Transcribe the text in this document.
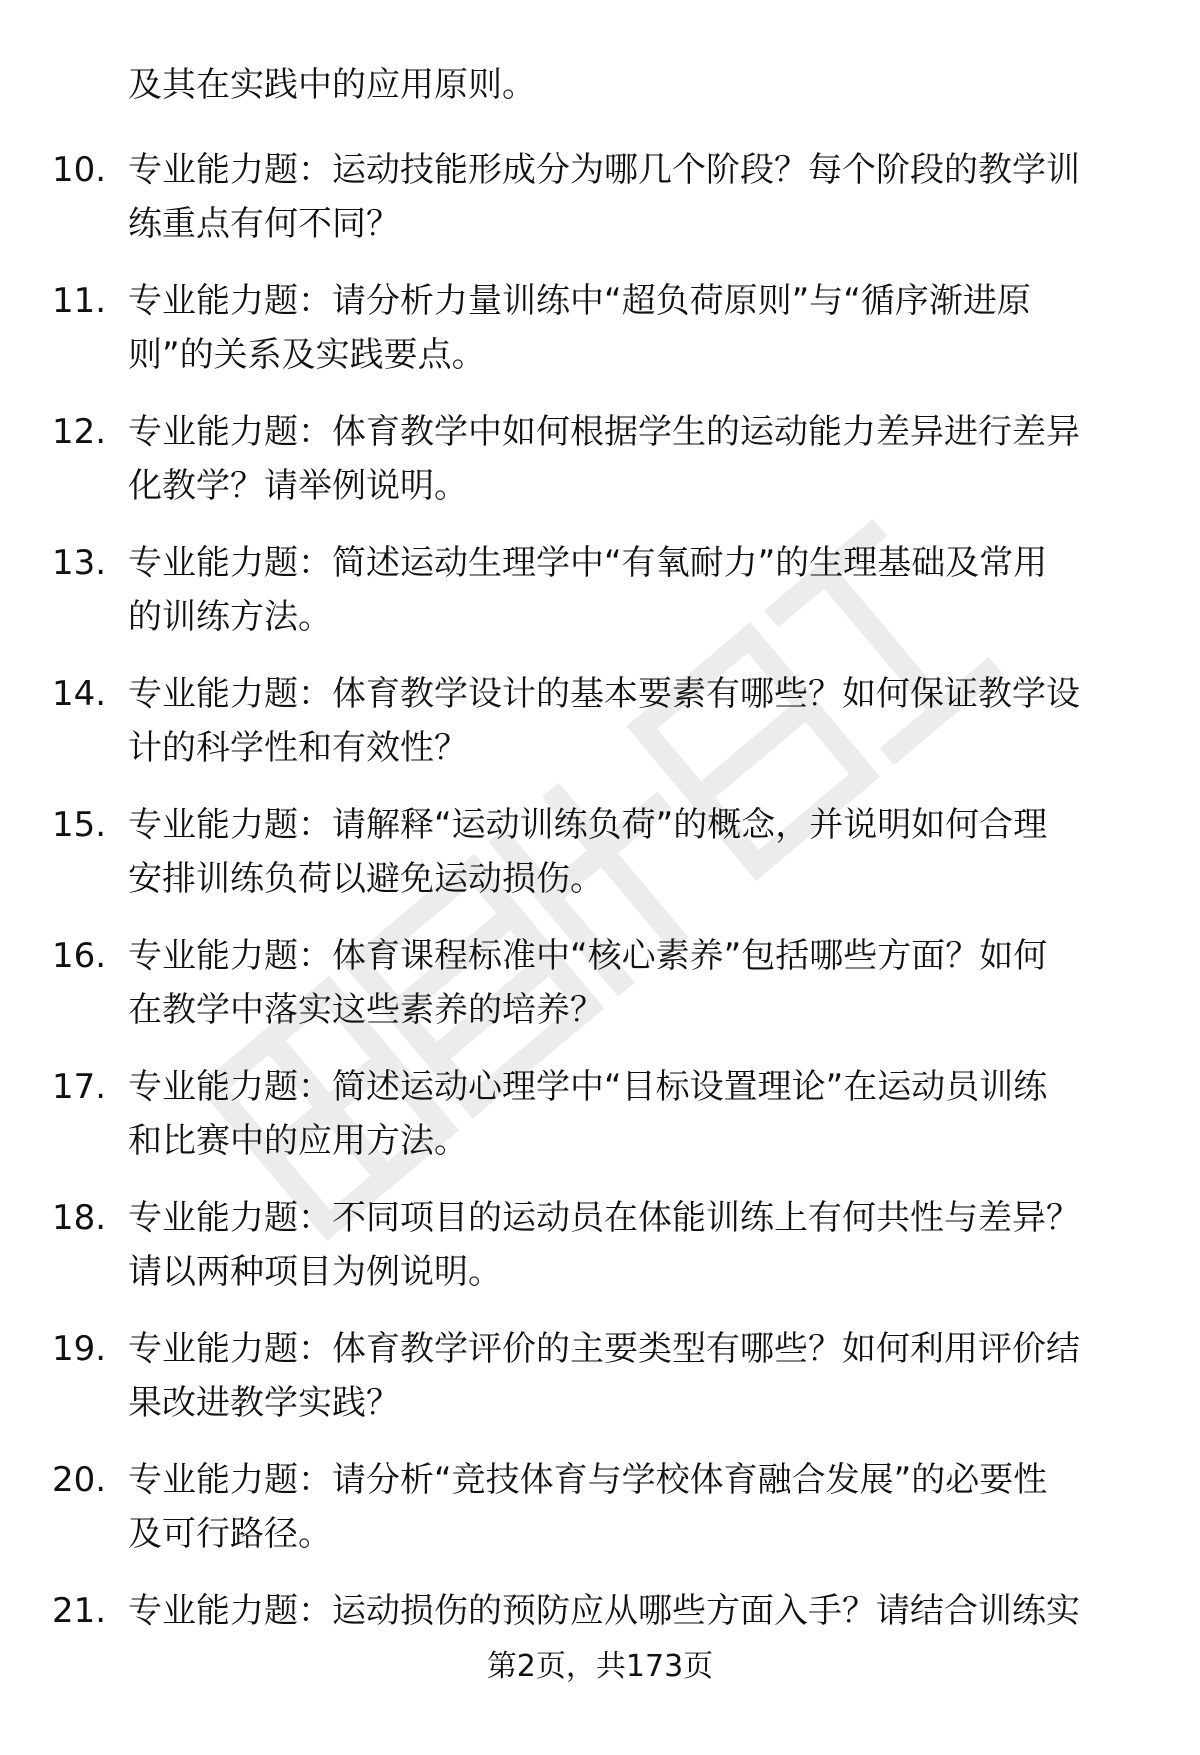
及其在实践中的应用原则。
10. 专业能力题：运动技能形成分为哪几个阶段？每个阶段的教学训
练重点有何不同？
11. 专业能力题：请分析力量训练中“超负荷原则”与“循序渐进原
则”的关系及实践要点。
12. 专业能力题：体育教学中如何根据学生的运动能力差异进行差异
化教学？请举例说明。
13. 专业能力题：简述运动生理学中“有氧耐力”的生理基础及常用
的训练方法。
14. 专业能力题：体育教学设计的基本要素有哪些？如何保证教学设
计的科学性和有效性？
15. 专业能力题：请解释“运动训练负荷”的概念，并说明如何合理
安排训练负荷以避免运动损伤。
16. 专业能力题：体育课程标准中“核心素养”包括哪些方面？如何
在教学中落实这些素养的培养？
17. 专业能力题：简述运动心理学中“目标设置理论”在运动员训练
和比赛中的应用方法。
18. 专业能力题：不同项目的运动员在体能训练上有何共性与差异？
请以两种项目为例说明。
19. 专业能力题：体育教学评价的主要类型有哪些？如何利用评价结
果改进教学实践？
20. 专业能力题：请分析“竞技体育与学校体育融合发展”的必要性
及可行路径。
21. 专业能力题：运动损伤的预防应从哪些方面入手？请结合训练实
第2页，共173页
